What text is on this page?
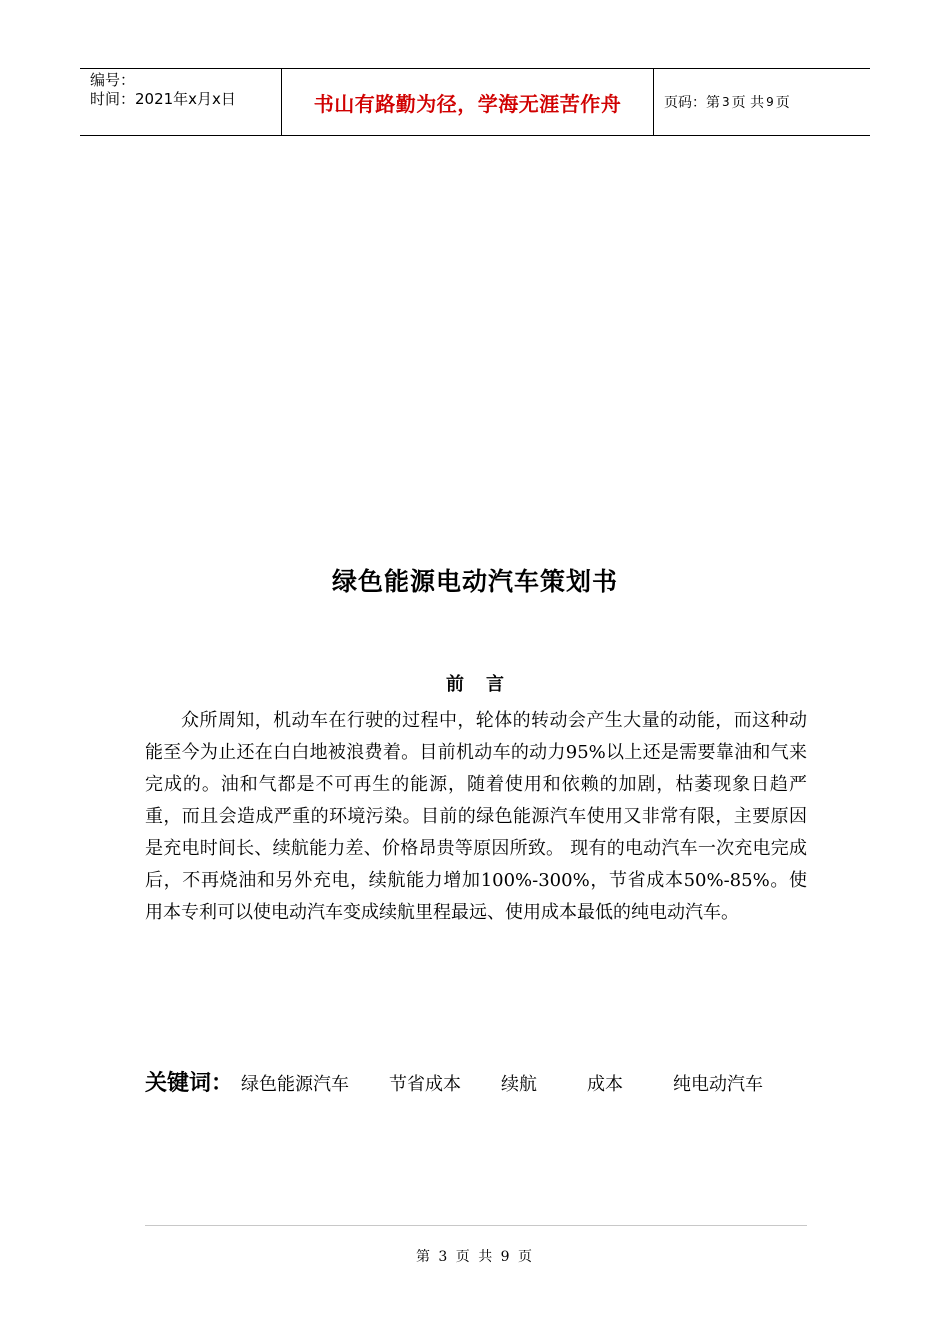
编号：
时间：2021年x月x日	书山有路勤为径，学海无涯苦作舟	页码：第 3 页 共 9 页
绿色能源电动汽车策划书
前言

众所周知，机动车在行驶的过程中，轮体的转动会产生大量的动能，而这种动能至今为止还在白白地被浪费着。目前机动车的动力95%以上还是需要靠油和气来完成的。油和气都是不可再生的能源，随着使用和依赖的加剧，枯萎现象日趋严重，而且会造成严重的环境污染。目前的绿色能源汽车使用又非常有限，主要原因是充电时间长、续航能力差、价格昂贵等原因所致。 现有的电动汽车一次充电完成后，不再烧油和另外充电，续航能力增加100%-300%，节省成本50%-85%。使用本专利可以使电动汽车变成续航里程最远、使用成本最低的纯电动汽车。

关键词： 绿色能源汽车 节省成本 续航	成本	纯电动汽车
第 3 页 共 9 页
